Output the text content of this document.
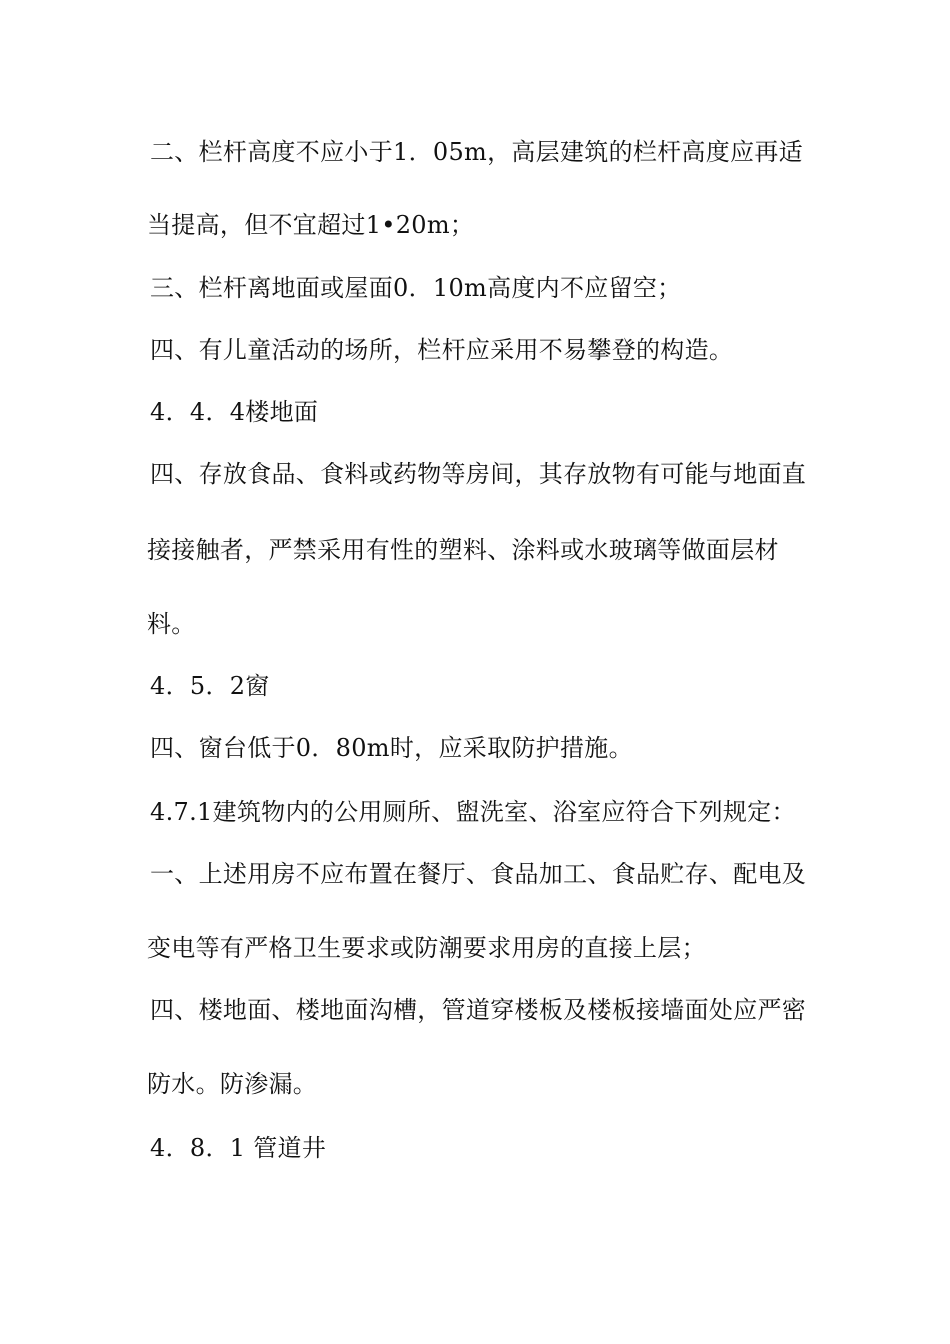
二、栏杆高度不应小于1．05m，高层建筑的栏杆高度应再适
当提高，但不宜超过1•20m；
三、栏杆离地面或屋面0．10m高度内不应留空；
四、有儿童活动的场所，栏杆应采用不易攀登的构造。
4．4．4楼地面
四、存放食品、食料或药物等房间，其存放物有可能与地面直
接接触者，严禁采用有性的塑料、涂料或水玻璃等做面层材
料。
4．5．2窗
四、窗台低于0．80m时，应采取防护措施。
4.7.1建筑物内的公用厕所、盥洗室、浴室应符合下列规定：
一、上述用房不应布置在餐厅、食品加工、食品贮存、配电及
变电等有严格卫生要求或防潮要求用房的直接上层；
四、楼地面、楼地面沟槽，管道穿楼板及楼板接墙面处应严密
防水。防渗漏。
4．8．1 管道井
